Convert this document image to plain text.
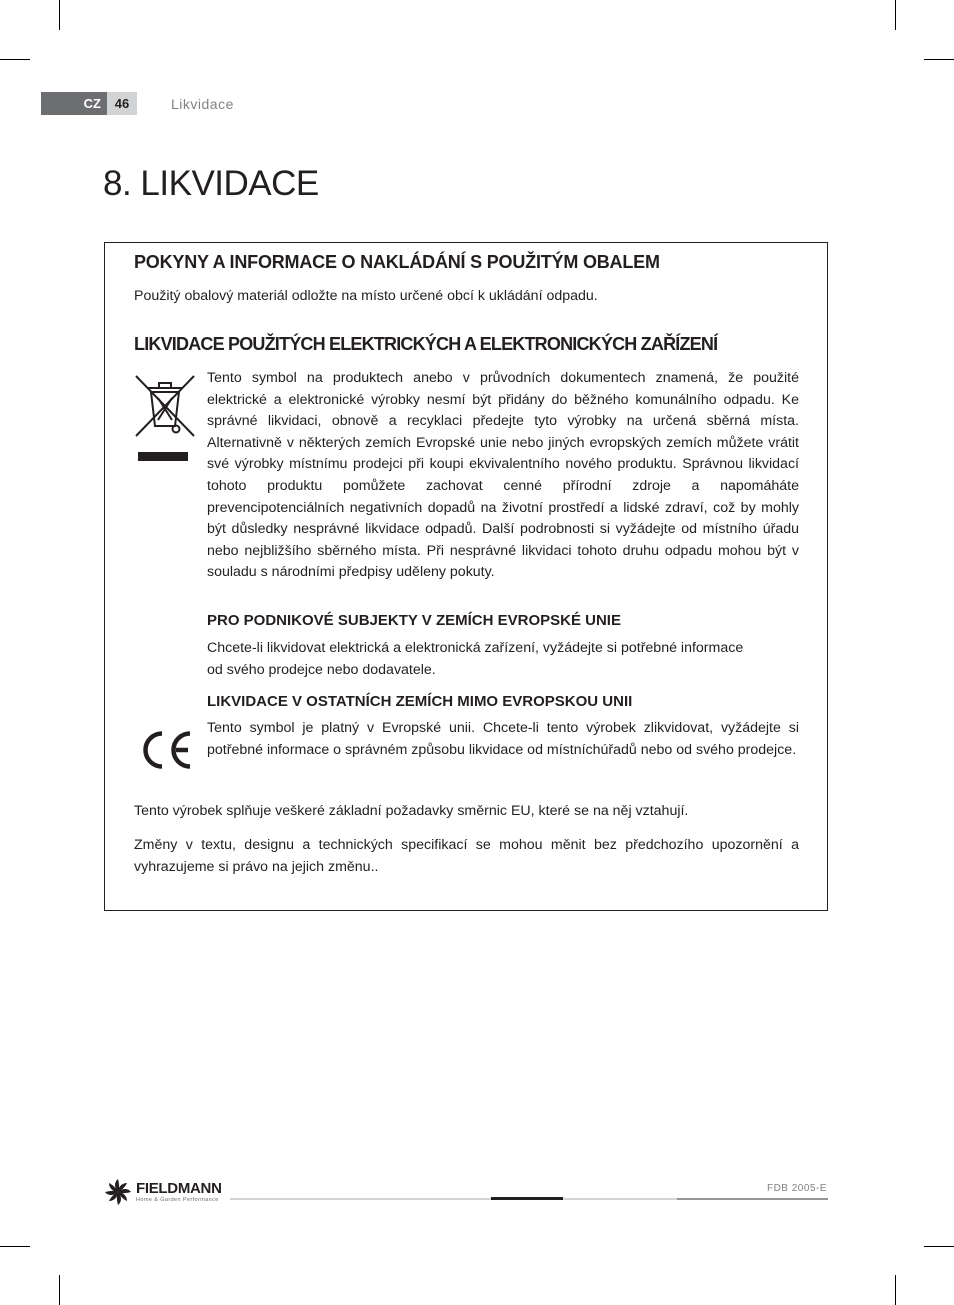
CZ	46	Likvidace
8. LIKVIDACE
POKYNY A INFORMACE O NAKLÁDÁNÍ S POUŽITÝM OBALEM

Použitý obalový materiál odložte na místo určené obcí k ukládání odpadu.

LIKVIDACE POUŽITÝCH ELEKTRICKÝCH A ELEKTRONICKÝCH ZAŘÍZENÍ

Tento symbol na produktech anebo v průvodních dokumentech znamená, že použité elektrické a elektronické výrobky nesmí být přidány do běžného komunálního odpadu. Ke správné likvidaci, obnově a recyklaci předejte tyto výrobky na určená sběrná místa. Alternativně v některých zemích Evropské unie nebo jiných evropských zemích můžete vrátit své výrobky místnímu prodejci při koupi ekvivalentního nového produktu. Správnou likvidací tohoto produktu pomůžete zachovat cenné přírodní zdroje a napomáháte prevencipotenciálních negativních dopadů na životní prostředí a lidské zdraví, což by mohly být důsledky nesprávné likvidace odpadů. Další podrobnosti si vyžádejte od místního úřadu nebo nejbližšího sběrného místa. Při nesprávné likvidaci tohoto druhu odpadu mohou být v souladu s národními předpisy uděleny pokuty.

PRO PODNIKOVÉ SUBJEKTY V ZEMÍCH EVROPSKÉ UNIE

Chcete-li likvidovat elektrická a elektronická zařízení, vyžádejte si potřebné informace

od svého prodejce nebo dodavatele.

LIKVIDACE V OSTATNÍCH ZEMÍCH MIMO EVROPSKOU UNII

Tento symbol je platný v Evropské unii. Chcete-li tento výrobek zlikvidovat, vyžádejte si potřebné informace o správném způsobu likvidace od místníchúřadů nebo od svého prodejce.

Tento výrobek splňuje veškeré základní požadavky směrnic EU, které se na něj vztahují.

Změny v textu, designu a technických specifikací se mohou měnit bez předchozího upozornění a vyhrazujeme si právo na jejich změnu..

FIELDMANN
Home & Garden Performance
FDB 2005-E
